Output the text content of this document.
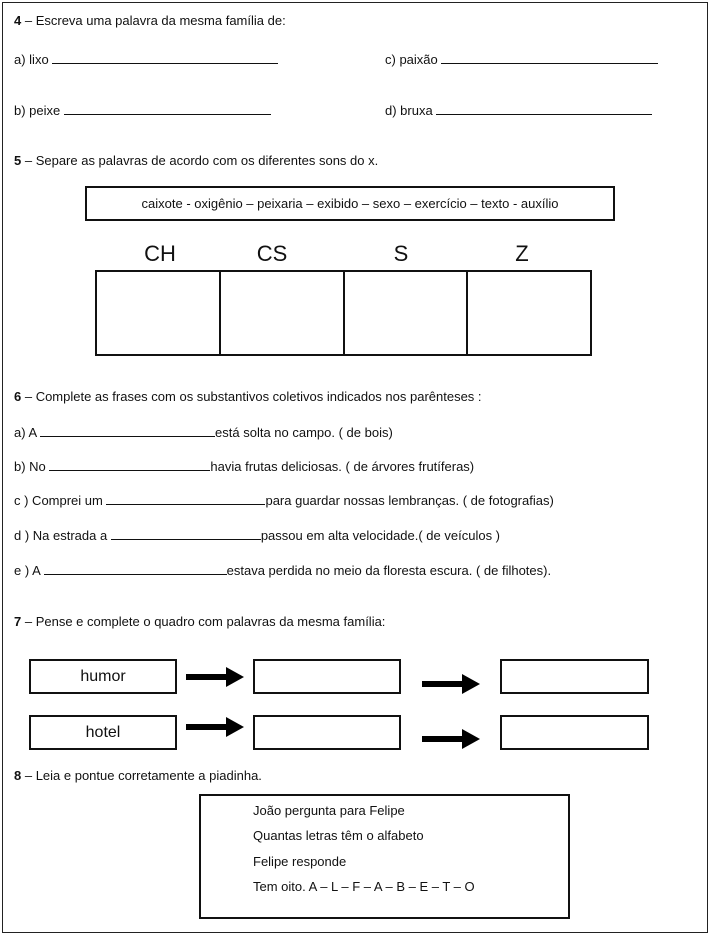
4 – Escreva uma palavra da mesma família de:
a) lixo	c) paixão
b) peixe	d) bruxa
5 – Separe as palavras de acordo com os diferentes sons do x.
caixote - oxigênio – peixaria – exibido – sexo – exercício – texto - auxílio
CH	CS	S	Z
6 – Complete as frases com os substantivos coletivos indicados nos parênteses :
a) A	está solta no campo. ( de bois)
b) No	havia frutas deliciosas. ( de árvores frutíferas)
c ) Comprei um	para guardar nossas lembranças. ( de fotografias)
d ) Na estrada a	passou em alta velocidade.( de veículos )
e ) A	estava perdida no meio da floresta escura. ( de filhotes).
7 – Pense e complete o quadro com palavras da mesma família:
humor
hotel
8 – Leia e pontue corretamente a piadinha.
João pergunta para Felipe
Quantas letras têm o alfabeto
Felipe responde
Tem oito. A – L – F – A – B – E – T – O
